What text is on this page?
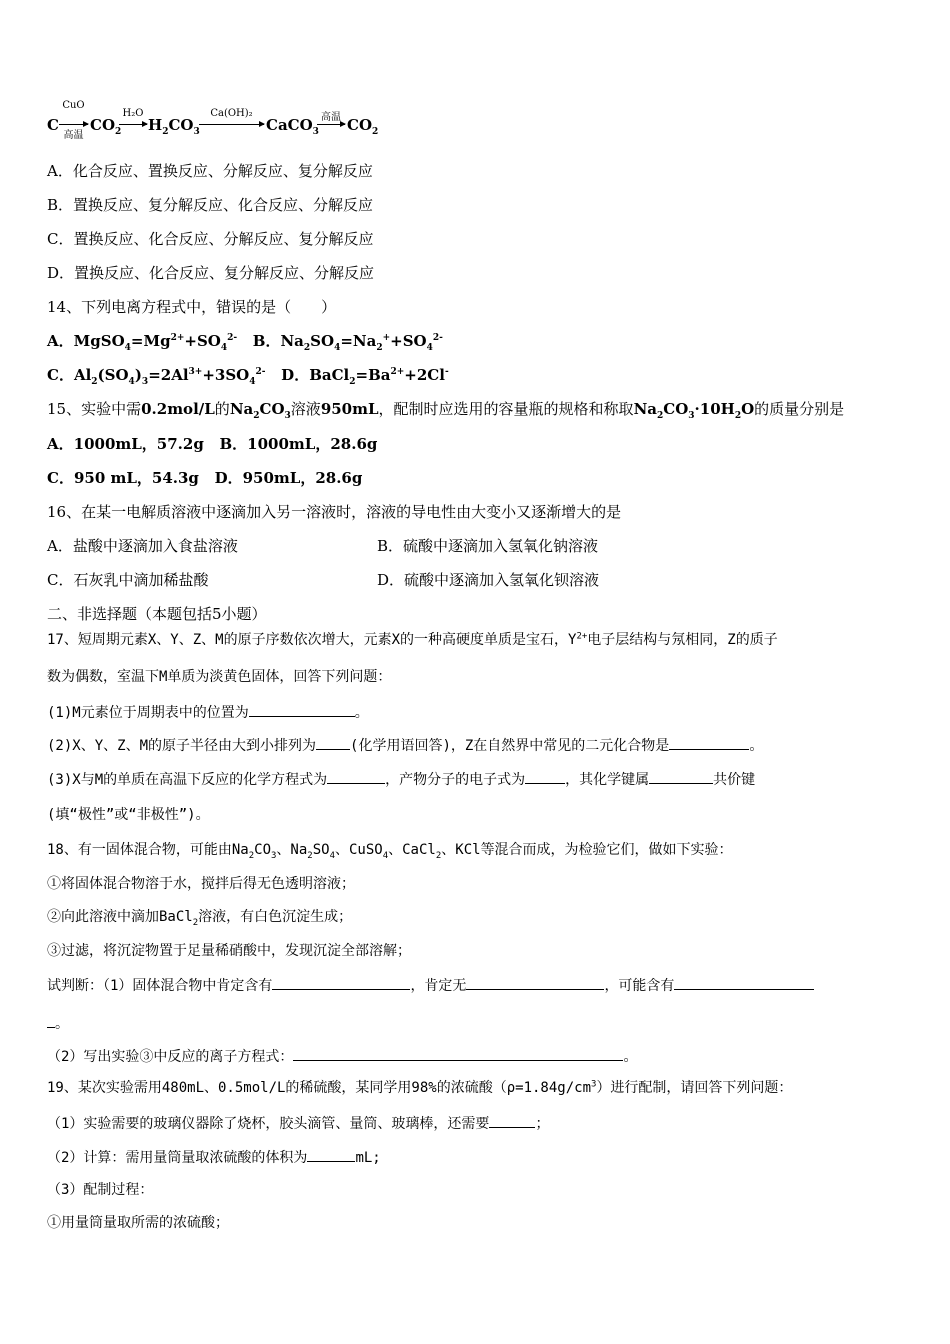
C
CuO
高温
$CO_2$
H₂O
$H_2CO_3$
Ca(OH)₂
CaCO$_3$
高温 $CO_2$
A．化合反应、置换反应、分解反应、复分解反应
B．置换反应、复分解反应、化合反应、分解反应
C．置换反应、化合反应、分解反应、复分解反应
D．置换反应、化合反应、复分解反应、分解反应
14、下列电离方程式中，错误的是（　　）
A．$MgSO_4=Mg^{2+}+SO_4^{2-}$   B．$Na_2SO_4=Na_2^++SO_4^{2-}$
C．$Al_2(SO_4)_3=2Al^{3+}+3SO_4^{2-}$   D．$BaCl_2=Ba^{2+}+2Cl^-$
15、实验中需0.2mol/L的$Na_2CO_3$溶液950mL，配制时应选用的容量瓶的规格和称取$Na_2CO_3\cdot 10H_2O$的质量分别是
A．1000mL，57.2g B．1000mL，28.6g
C．950 mL，54.3g D．950mL，28.6g
16、在某一电解质溶液中逐滴加入另一溶液时，溶液的导电性由大变小又逐渐增大的是
A．盐酸中逐滴加入食盐溶液	B．硫酸中逐滴加入氢氧化钠溶液
C．石灰乳中滴加稀盐酸	D．硫酸中逐滴加入氢氧化钡溶液
二、非选择题（本题包括5小题）
17、短周期元素X、Y、Z、M的原子序数依次增大，元素X的一种高硬度单质是宝石，$Y^{2+}$电子层结构与氖相同，Z的质子
数为偶数，室温下M单质为淡黄色固体，回答下列问题：
(1)M元素位于周期表中的位置为	。
(2)X、Y、Z、M的原子半径由大到小排列为 (化学用语回答)，Z在自然界中常见的二元化合物是	。
(3)X与M的单质在高温下反应的化学方程式为	，产物分子的电子式为	，其化学键属	共价键
(填“极性”或“非极性”)。
18、有一固体混合物，可能由$Na_2CO_3$、$Na_2SO_4$、CuSO$_4$、CaCl$_2$、KCl等混合而成，为检验它们，做如下实验：
①将固体混合物溶于水，搅拌后得无色透明溶液；
②向此溶液中滴加BaCl$_2$溶液，有白色沉淀生成；
③过滤，将沉淀物置于足量稀硝酸中，发现沉淀全部溶解；
试判断：（1）固体混合物中肯定含有	，肯定无	，可能含有
。
（2）写出实验③中反应的离子方程式：	。
19、某次实验需用480mL、0.5mol/L的稀硫酸，某同学用98%的浓硫酸$(\rho=1.84g/cm^3)$进行配制，请回答下列问题：
（1）实验需要的玻璃仪器除了烧杯，胶头滴管、量筒、玻璃棒，还需要	；
（2）计算：需用量筒量取浓硫酸的体积为	mL;
（3）配制过程：
①用量筒量取所需的浓硫酸；
